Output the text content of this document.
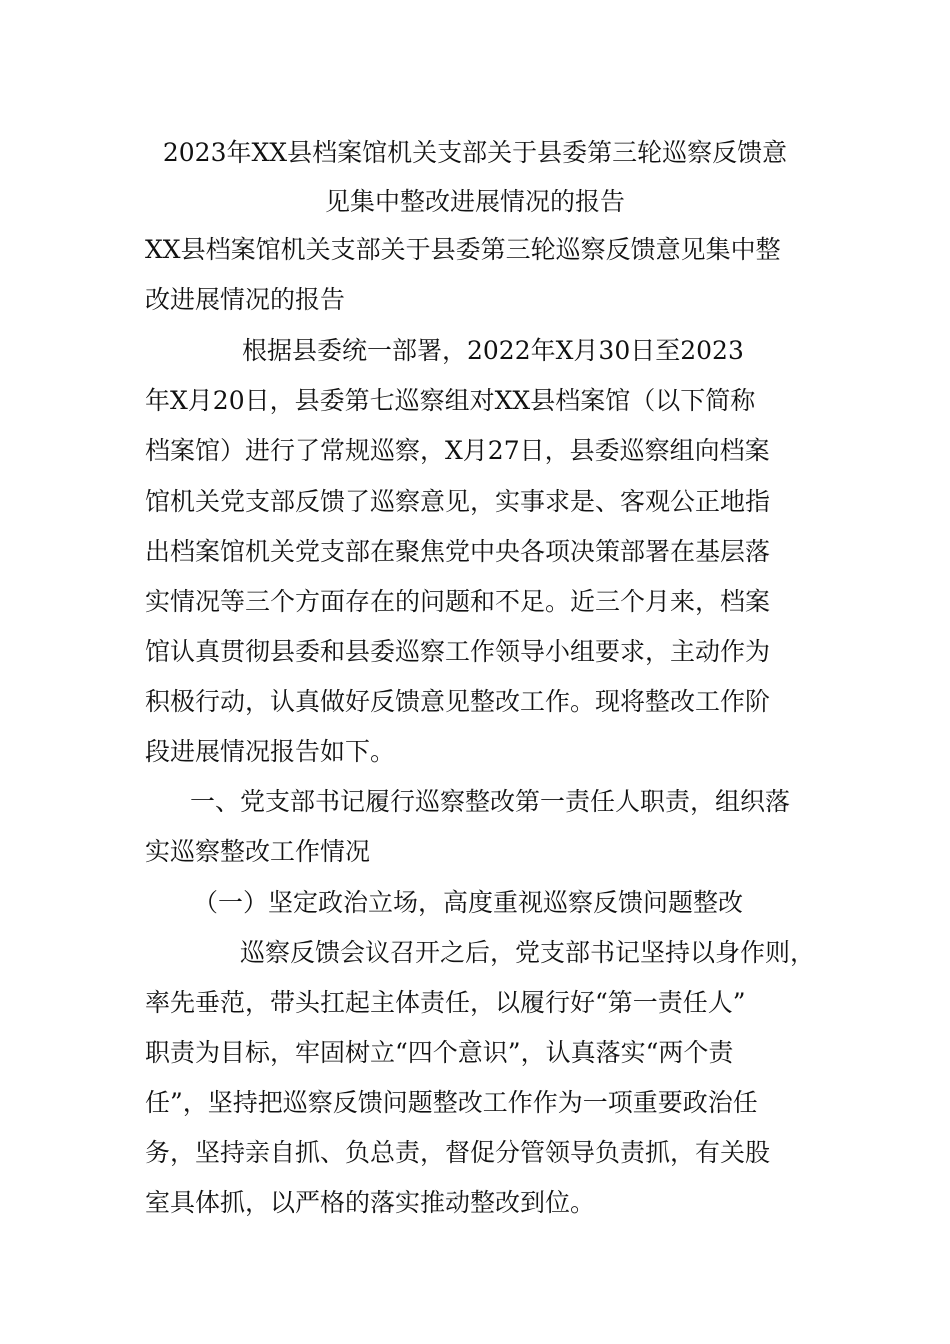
2023年XX县档案馆机关支部关于县委第三轮巡察反馈意
见集中整改进展情况的报告
XX县档案馆机关支部关于县委第三轮巡察反馈意见集中整
改进展情况的报告
根据县委统一部署，2022年X月30日至2023
年X月20日，县委第七巡察组对XX县档案馆（以下简称
档案馆）进行了常规巡察，X月27日，县委巡察组向档案
馆机关党支部反馈了巡察意见，实事求是、客观公正地指
出档案馆机关党支部在聚焦党中央各项决策部署在基层落
实情况等三个方面存在的问题和不足。近三个月来，档案
馆认真贯彻县委和县委巡察工作领导小组要求，主动作为
积极行动，认真做好反馈意见整改工作。现将整改工作阶
段进展情况报告如下。
一、党支部书记履行巡察整改第一责任人职责，组织落
实巡察整改工作情况
（一）坚定政治立场，高度重视巡察反馈问题整改
巡察反馈会议召开之后，党支部书记坚持以身作则，
率先垂范，带头扛起主体责任，以履行好“第一责任人”
职责为目标，牢固树立“四个意识”，认真落实“两个责
任”，坚持把巡察反馈问题整改工作作为一项重要政治任
务，坚持亲自抓、负总责，督促分管领导负责抓，有关股
室具体抓，以严格的落实推动整改到位。
